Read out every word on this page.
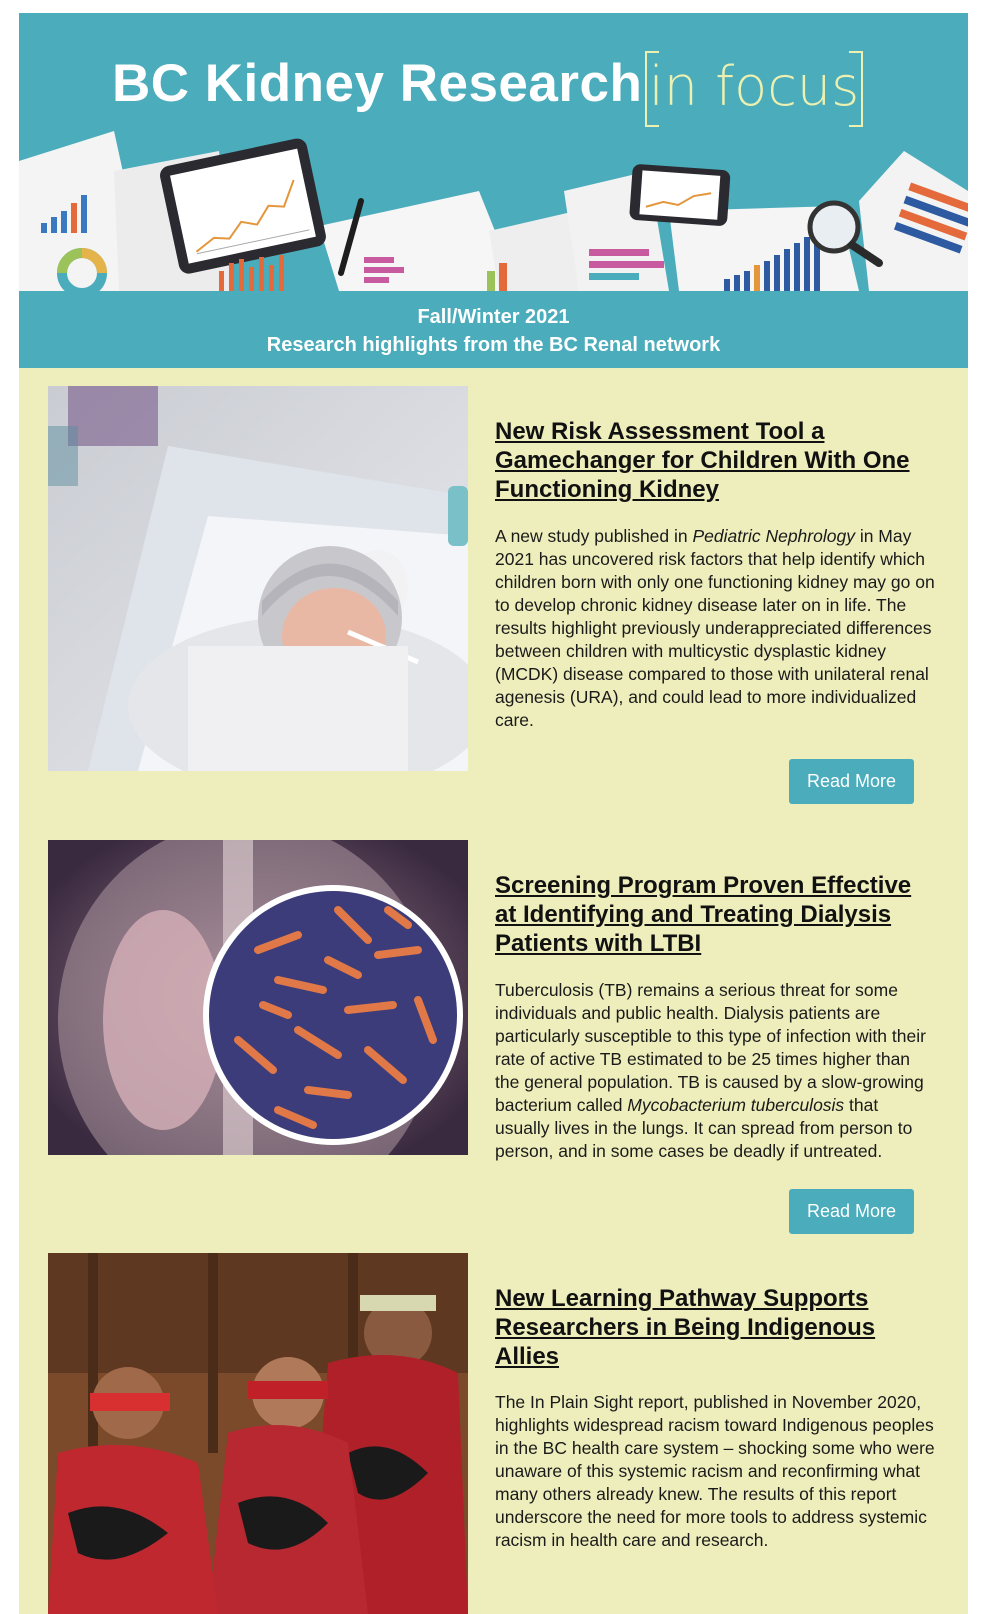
BC Kidney Research in focus
Fall/Winter 2021
Research highlights from the BC Renal network
New Risk Assessment Tool a Gamechanger for Children With One Functioning Kidney
A new study published in Pediatric Nephrology in May 2021 has uncovered risk factors that help identify which children born with only one functioning kidney may go on to develop chronic kidney disease later on in life. The results highlight previously underappreciated differences between children with multicystic dysplastic kidney (MCDK) disease compared to those with unilateral renal agenesis (URA), and could lead to more individualized care.
Read More
Screening Program Proven Effective at Identifying and Treating Dialysis Patients with LTBI
Tuberculosis (TB) remains a serious threat for some individuals and public health. Dialysis patients are particularly susceptible to this type of infection with their rate of active TB estimated to be 25 times higher than the general population. TB is caused by a slow-growing bacterium called Mycobacterium tuberculosis that usually lives in the lungs. It can spread from person to person, and in some cases be deadly if untreated.
Read More
New Learning Pathway Supports Researchers in Being Indigenous Allies
The In Plain Sight report, published in November 2020, highlights widespread racism toward Indigenous peoples in the BC health care system – shocking some who were unaware of this systemic racism and reconfirming what many others already knew. The results of this report underscore the need for more tools to address systemic racism in health care and research.
